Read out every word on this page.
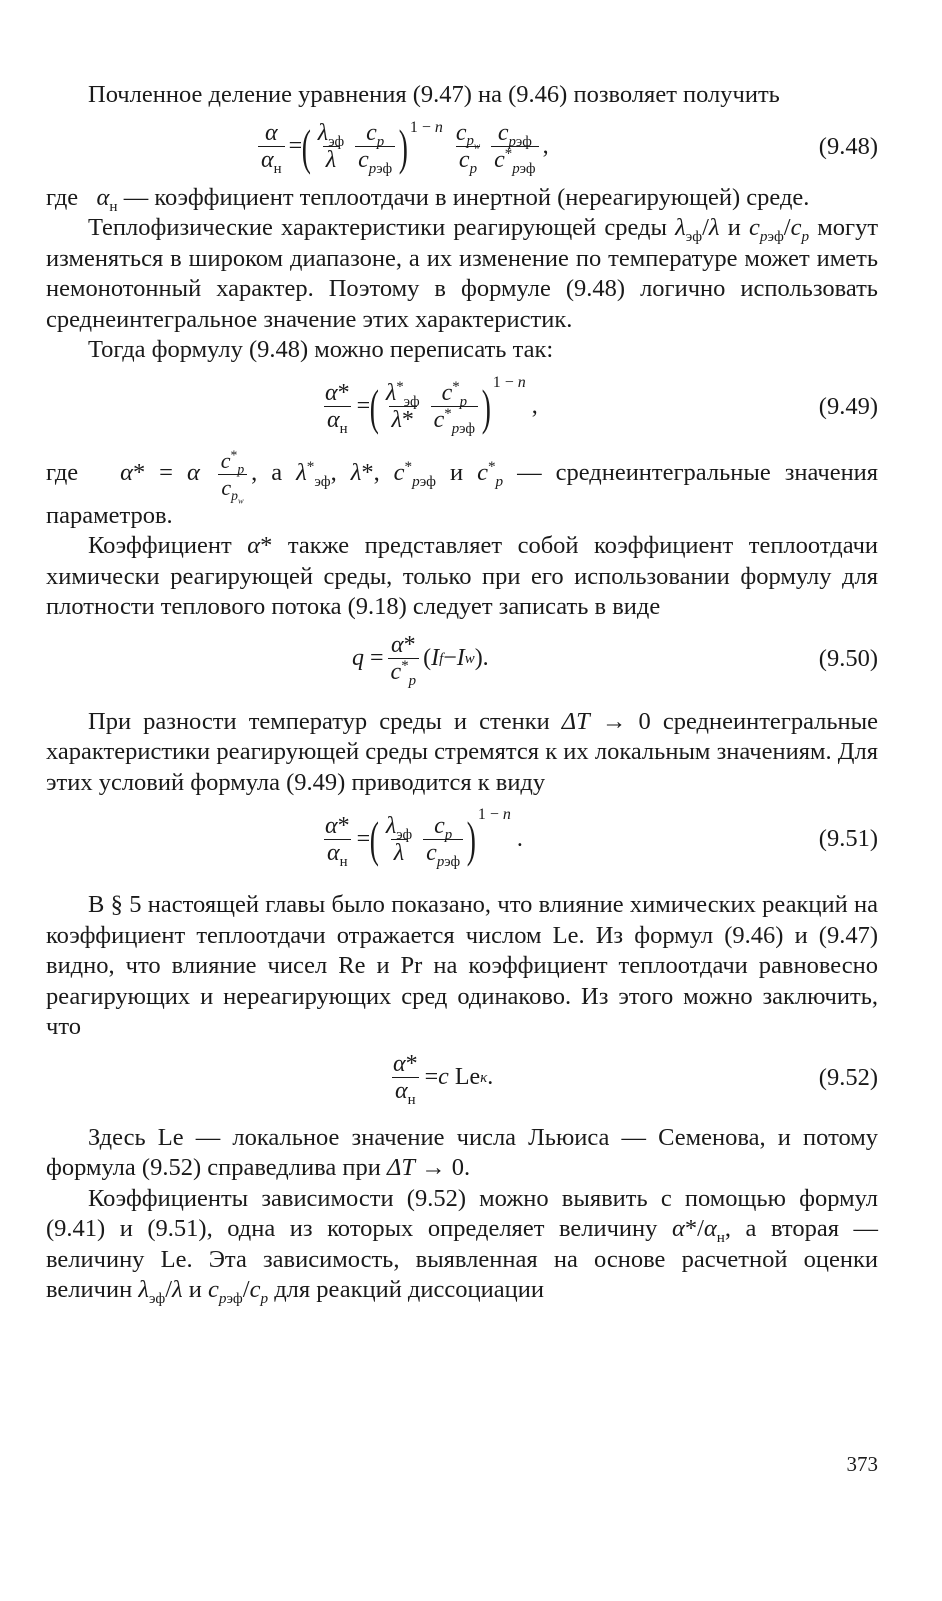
Почленное деление уравнения (9.47) на (9.46) позволяет получить

$\frac{\alpha}{\alpha_н}$ = ( $\frac{\lambda_{эф}}{\lambda} \frac{c_p}{c_{pэф}}$ ) 1 − n $\frac{c_{p_w}}{c_p} \frac{c_{pэф}}{c^*_{pэф}}$ ,	(9.48)

где $\alpha_н$ — коэффициент теплоотдачи в инертной (нереагирующей) среде.

Теплофизические характеристики реагирующей среды $\lambda_{эф}/\lambda$ и $c_{pэф}/c_p$ могут изменяться в широком диапазоне, а их изменение по температуре может иметь немонотонный характер. Поэтому в формуле (9.48) логично использовать среднеинтегральное значение этих характеристик.

Тогда формулу (9.48) можно переписать так:

$\frac{\alpha*}{\alpha_н}$ = ( $\frac{\lambda^*_{эф}}{\lambda*} \frac{c^*_p}{c^*_{pэф}}$ ) 1 − n
,	(9.49)

где α* = α $\frac{c^*_p}{c_{p_w}}$ , а $\lambda^*_{эф}$, λ*, $c^*_{pэф}$ и $c^*_p$ — среднеинтегральные значения параметров.

Коэффициент α* также представляет собой коэффициент теплоотдачи химически реагирующей среды, только при его использовании формулу для плотности теплового потока (9.18) следует записать в виде

$q = \frac{\alpha*}{c^*_p}$ ( I f − I w ).	(9.50)

При разности температур среды и стенки ΔT → 0 среднеинтегральные характеристики реагирующей среды стремятся к их локальным значениям. Для этих условий формула (9.49) приводится к виду

$\frac{\alpha*}{\alpha_н}$ = ( $\frac{\lambda_{эф}}{\lambda} \frac{c_p}{c_{pэф}}$ ) 1 − n
.	(9.51)

В § 5 настоящей главы было показано, что влияние химических реакций на коэффициент теплоотдачи отражается числом Le. Из формул (9.46) и (9.47) видно, что влияние чисел Re и Pr на коэффициент теплоотдачи равновесно реагирующих и нереагирующих сред одинаково. Из этого можно заключить, что

$\frac{\alpha*}{\alpha_н} = c$ Le κ .	(9.52)

Здесь Le — локальное значение числа Льюиса — Семенова, и потому формула (9.52) справедлива при ΔT → 0.

Коэффициенты зависимости (9.52) можно выявить с помощью формул (9.41) и (9.51), одна из которых определяет величину $\alpha*/\alpha_н$, а вторая — величину Le. Эта зависимость, выявленная на основе расчетной оценки величин $\lambda_{эф}/\lambda$ и $c_{pэф}/c_p$ для реакций диссоциации

373
